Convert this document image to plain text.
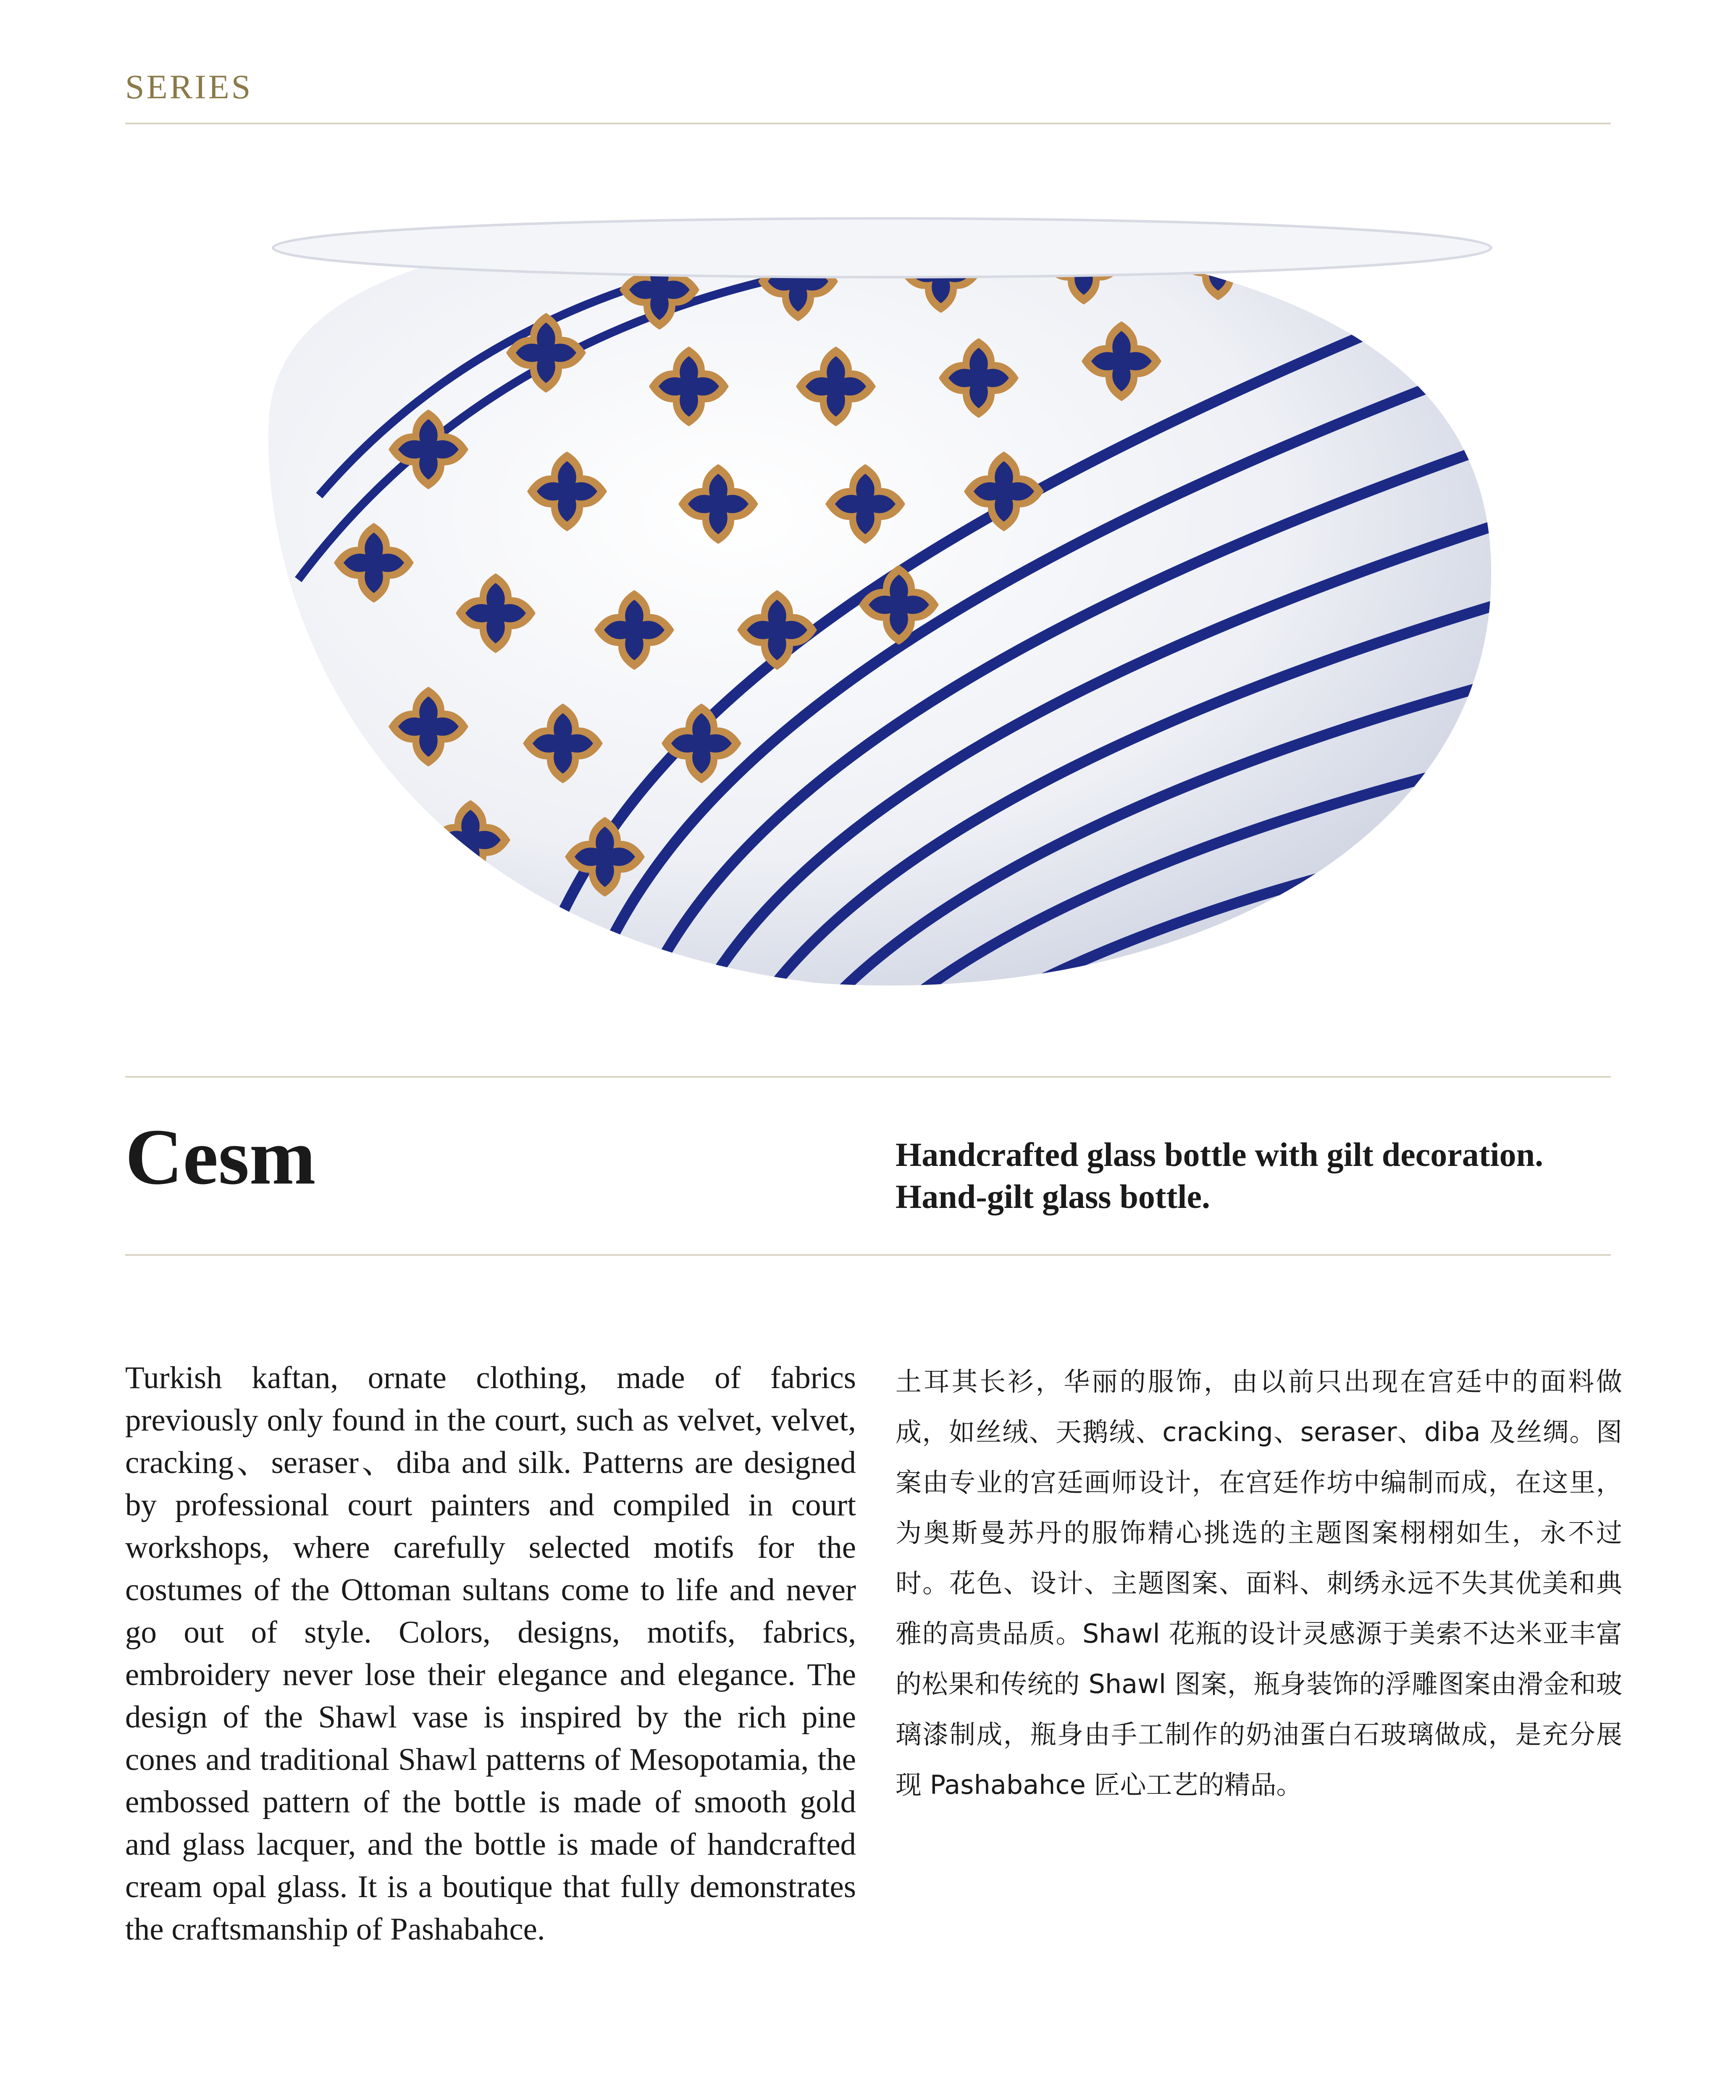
SERIES
Cesm	Handcrafted glass bottle with gilt decoration.
Hand-gilt glass bottle.
Turkish kaftan, ornate clothing, made of fabrics previously only found in the court, such as velvet, velvet, cracking、seraser、diba and silk. Patterns are designed by professional court painters and compiled in court workshops, where carefully selected motifs for the costumes of the Ottoman sultans come to life and never go out of style. Colors, designs, motifs, fabrics, embroidery never lose their elegance and elegance. The design of the Shawl vase is inspired by the rich pine cones and traditional Shawl patterns of Mesopotamia, the embossed pattern of the bottle is made of smooth gold and glass lacquer, and the bottle is made of handcrafted cream opal glass. It is a boutique that fully demonstrates the craftsmanship of Pashabahce.
土耳其长衫，华丽的服饰，由以前只出现在宫廷中的面料做成，如丝绒、天鹅绒、cracking、seraser、diba 及丝绸。图案由专业的宫廷画师设计，在宫廷作坊中编制而成，在这里，为奥斯曼苏丹的服饰精心挑选的主题图案栩栩如生，永不过时。花色、设计、主题图案、面料、刺绣永远不失其优美和典雅的高贵品质。Shawl 花瓶的设计灵感源于美索不达米亚丰富的松果和传统的 Shawl 图案，瓶身装饰的浮雕图案由滑金和玻璃漆制成，瓶身由手工制作的奶油蛋白石玻璃做成，是充分展现 Pashabahce 匠心工艺的精品。
